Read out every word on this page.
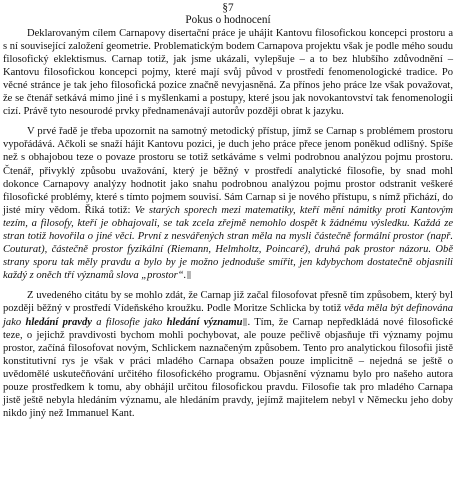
§7

Pokus o hodnocení

Deklarovaným cílem Carnapovy disertační práce je uhájit Kantovu filosofickou koncepci prostoru a s ní související založení geometrie. Problematickým bodem Carnapova projektu však je podle mého soudu filosofický eklektismus. Carnap totiž, jak jsme ukázali, vylepšuje – a to bez hlubšího zdůvodnění – Kantovu filosofickou koncepci pojmy, které mají svůj původ v prostředí fenomenologické tradice. Po věcné stránce je tak jeho filosofická pozice značně nevyjasněná. Za přínos jeho práce lze však považovat, že se čtenář setkává mimo jiné i s myšlenkami a postupy, které jsou jak novokantovství tak fenomenologii cizí. Právě tyto nesourodé prvky přednamenávají autorův později obrat k jazyku.

V prvé řadě je třeba upozornit na samotný metodický přístup, jímž se Carnap s problémem prostoru vypořádává. Ačkoli se snaží hájit Kantovu pozici, je duch jeho práce přece jenom poněkud odlišný. Spíše než s obhajobou teze o povaze prostoru se totiž setkáváme s velmi podrobnou analýzou pojmu prostoru. Čtenář, přivyklý způsobu uvažování, který je běžný v prostředí analytické filosofie, by snad mohl dokonce Carnapovy analýzy hodnotit jako snahu podrobnou analýzou pojmu prostor odstranit veškeré filosofické problémy, které s tímto pojmem souvisí. Sám Carnap si je nového přístupu, s nímž přichází, do jisté míry vědom. Říká totiž: Ve starých sporech mezi matematiky, kteří mění námitky proti Kantovým tezím, a filosofy, kteří je obhajovali, se tak zcela zřejmě nemohlo dospět k žádnému výsledku. Každá ze stran totiž hovořila o jiné věci. První z nesvářených stran měla na mysli částečně formální prostor (např. Couturat), částečně prostor fyzikální (Riemann, Helmholtz, Poincaré), druhá pak prostor názoru. Obě strany sporu tak měly pravdu a bylo by je možno jednoduše smířit, jen kdybychom dostatečně objasnili každý z oněch tří významů slova „prostor“.

Z uvedeného citátu by se mohlo zdát, že Carnap již začal filosofovat přesně tím způsobem, který byl později běžný v prostředí Vídeňského kroužku. Podle Moritze Schlicka by totiž věda měla být definována jako hledání pravdy a filosofie jako hledání významu . Tím, že Carnap nepředkládá nové filosofické teze, o jejichž pravdivosti bychom mohli pochybovat, ale pouze pečlivě objasňuje tři významy pojmu prostor, začíná filosofovat novým, Schlickem naznačeným způsobem. Tento pro analytickou filosofii jistě konstitutivní rys je však v práci mladého Carnapa obsažen pouze implicitně – nejedná se ještě o uvědomělé uskutečňování určitého filosofického programu. Objasnění významu bylo pro našeho autora pouze prostředkem k tomu, aby obhájil určitou filosofickou pravdu. Filosofie tak pro mladého Carnapa jistě ještě nebyla hledáním významu, ale hledáním pravdy, jejímž majitelem nebyl v Německu jeho doby nikdo jiný než Immanuel Kant.
